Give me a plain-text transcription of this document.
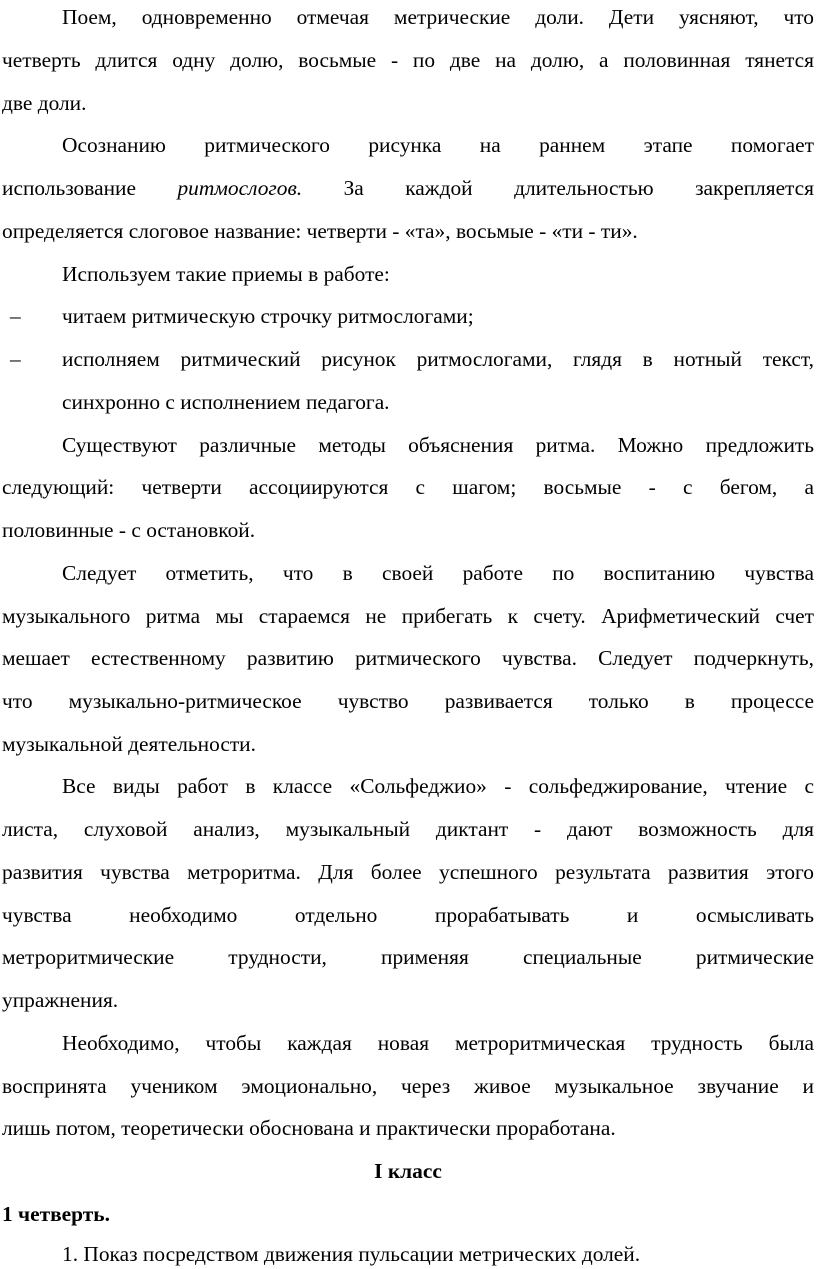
Поем, одновременно отмечая метрические доли. Дети уясняют, что
четверть длится одну долю, восьмые - по две на долю, а половинная тянется
две доли.
Осознанию ритмического рисунка на раннем этапе помогает
использование ритмослогов. За каждой длительностью закрепляется
определяется слоговое название: четверти - «та», восьмые - «ти - ти».
Используем такие приемы в работе:
–	читаем ритмическую строчку ритмослогами;
–	исполняем ритмический рисунок ритмослогами, глядя в нотный текст,
синхронно с исполнением педагога.
Существуют различные методы объяснения ритма. Можно предложить
следующий: четверти ассоциируются с шагом; восьмые - с бегом, а
половинные - с остановкой.
Следует отметить, что в своей работе по воспитанию чувства
музыкального ритма мы стараемся не прибегать к счету. Арифметический счет
мешает естественному развитию ритмического чувства. Следует подчеркнуть,
что музыкально-ритмическое чувство развивается только в процессе
музыкальной деятельности.
Все виды работ в классе «Сольфеджио» - сольфеджирование, чтение с
листа, слуховой анализ, музыкальный диктант - дают возможность для
развития чувства метроритма. Для более успешного результата развития этого
чувства необходимо отдельно прорабатывать и осмысливать
метроритмические трудности, применяя специальные ритмические
упражнения.
Необходимо, чтобы каждая новая метроритмическая трудность была
воспринята учеником эмоционально, через живое музыкальное звучание и
лишь потом, теоретически обоснована и практически проработана.
I класс
1 четверть.
1. Показ посредством движения пульсации метрических долей.
